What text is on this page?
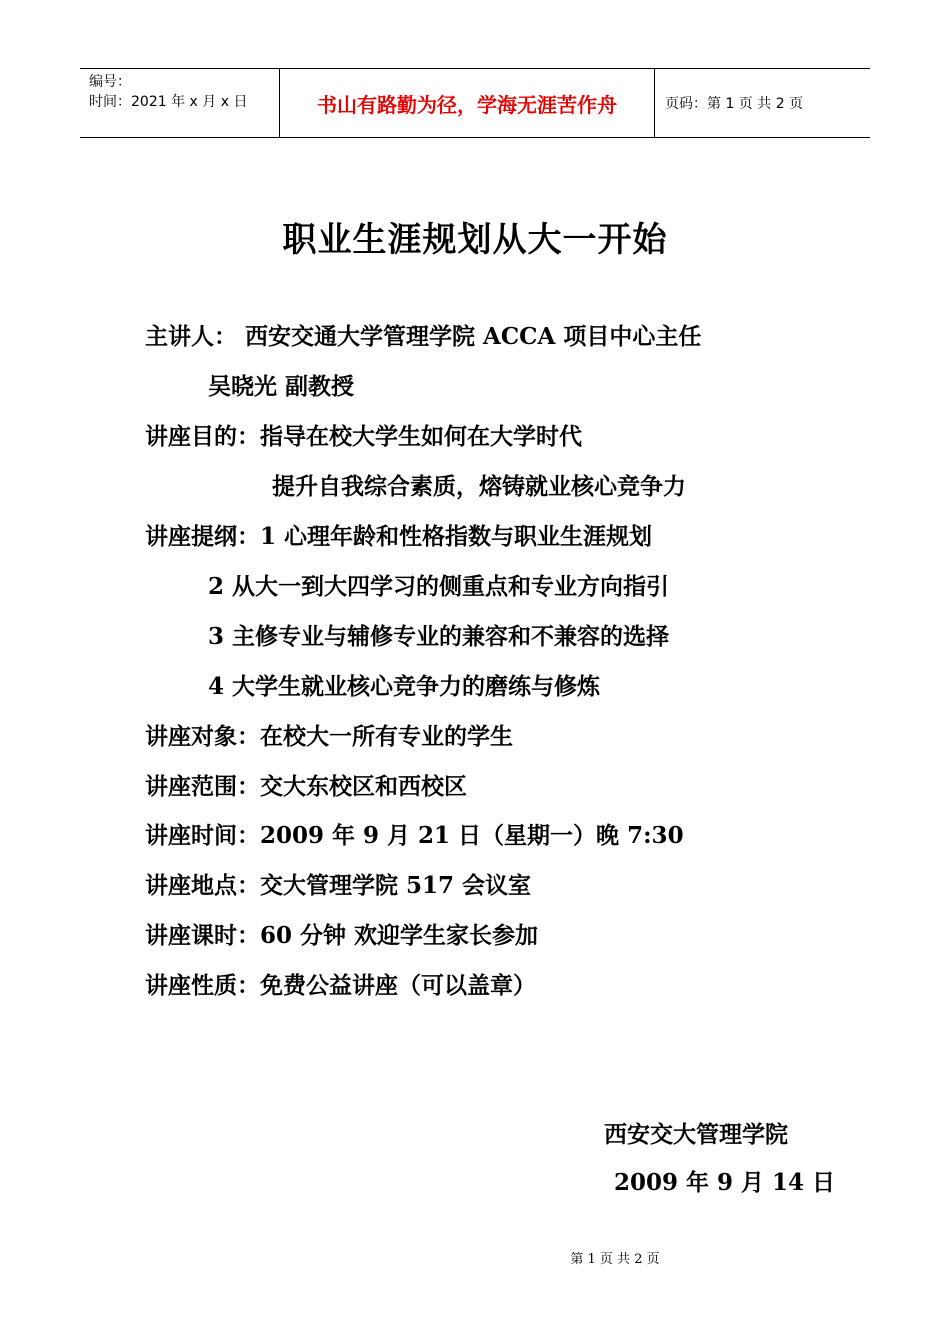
编号：
时间：2021 年 x 月 x 日	书山有路勤为径，学海无涯苦作舟	页码：第 1 页 共 2 页
职业生涯规划从大一开始
主讲人： 西安交通大学管理学院 ACCA 项目中心主任
吴晓光 副教授
讲座目的：指导在校大学生如何在大学时代
提升自我综合素质，熔铸就业核心竞争力
讲座提纲：1 心理年龄和性格指数与职业生涯规划
2 从大一到大四学习的侧重点和专业方向指引
3 主修专业与辅修专业的兼容和不兼容的选择
4 大学生就业核心竞争力的磨练与修炼
讲座对象：在校大一所有专业的学生
讲座范围：交大东校区和西校区
讲座时间：2009 年 9 月 21 日（星期一）晚 7:30
讲座地点：交大管理学院 517 会议室
讲座课时：60 分钟 欢迎学生家长参加
讲座性质：免费公益讲座（可以盖章）
西安交大管理学院
2009 年 9 月 14 日
第 1 页 共 2 页
